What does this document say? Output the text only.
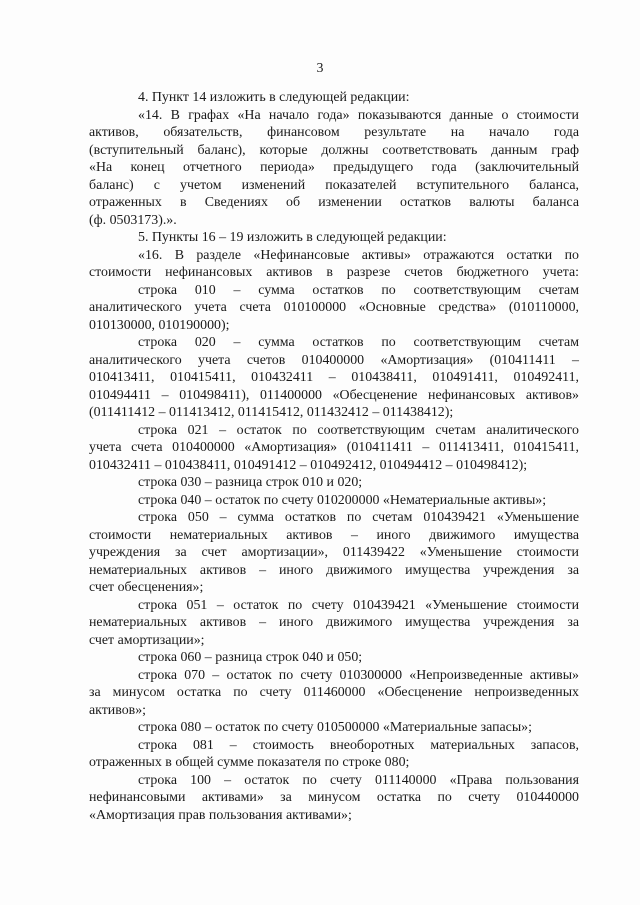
3

4. Пункт 14 изложить в следующей редакции:

«14. В графах «На начало года» показываются данные о стоимости

активов, обязательств, финансовом результате на начало года

(вступительный баланс), которые должны соответствовать данным граф

«На конец отчетного периода» предыдущего года (заключительный

баланс) с учетом изменений показателей вступительного баланса,

отраженных в Сведениях об изменении остатков валюты баланса

(ф. 0503173).».

5. Пункты 16 – 19 изложить в следующей редакции:

«16. В разделе «Нефинансовые активы» отражаются остатки по

стоимости нефинансовых активов в разрезе счетов бюджетного учета:

строка 010 – сумма остатков по соответствующим счетам

аналитического учета счета 010100000 «Основные средства» (010110000,

010130000, 010190000);

строка 020 – сумма остатков по соответствующим счетам

аналитического учета счетов 010400000 «Амортизация» (010411411 –

010413411, 010415411, 010432411 – 010438411, 010491411, 010492411,

010494411 – 010498411), 011400000 «Обесценение нефинансовых активов»

(011411412 – 011413412, 011415412, 011432412 – 011438412);

строка 021 – остаток по соответствующим счетам аналитического

учета счета 010400000 «Амортизация» (010411411 – 011413411, 010415411,

010432411 – 010438411, 010491412 – 010492412, 010494412 – 010498412);

строка 030 – разница строк 010 и 020;

строка 040 – остаток по счету 010200000 «Нематериальные активы»;

строка 050 – сумма остатков по счетам 010439421 «Уменьшение

стоимости нематериальных активов – иного движимого имущества

учреждения за счет амортизации», 011439422 «Уменьшение стоимости

нематериальных активов – иного движимого имущества учреждения за

счет обесценения»;

строка 051 – остаток по счету 010439421 «Уменьшение стоимости

нематериальных активов – иного движимого имущества учреждения за

счет амортизации»;

строка 060 – разница строк 040 и 050;

строка 070 – остаток по счету 010300000 «Непроизведенные активы»

за минусом остатка по счету 011460000 «Обесценение непроизведенных

активов»;

строка 080 – остаток по счету 010500000 «Материальные запасы»;

строка 081 – стоимость внеоборотных материальных запасов,

отраженных в общей сумме показателя по строке 080;

строка 100 – остаток по счету 011140000 «Права пользования

нефинансовыми активами» за минусом остатка по счету 010440000

«Амортизация прав пользования активами»;
